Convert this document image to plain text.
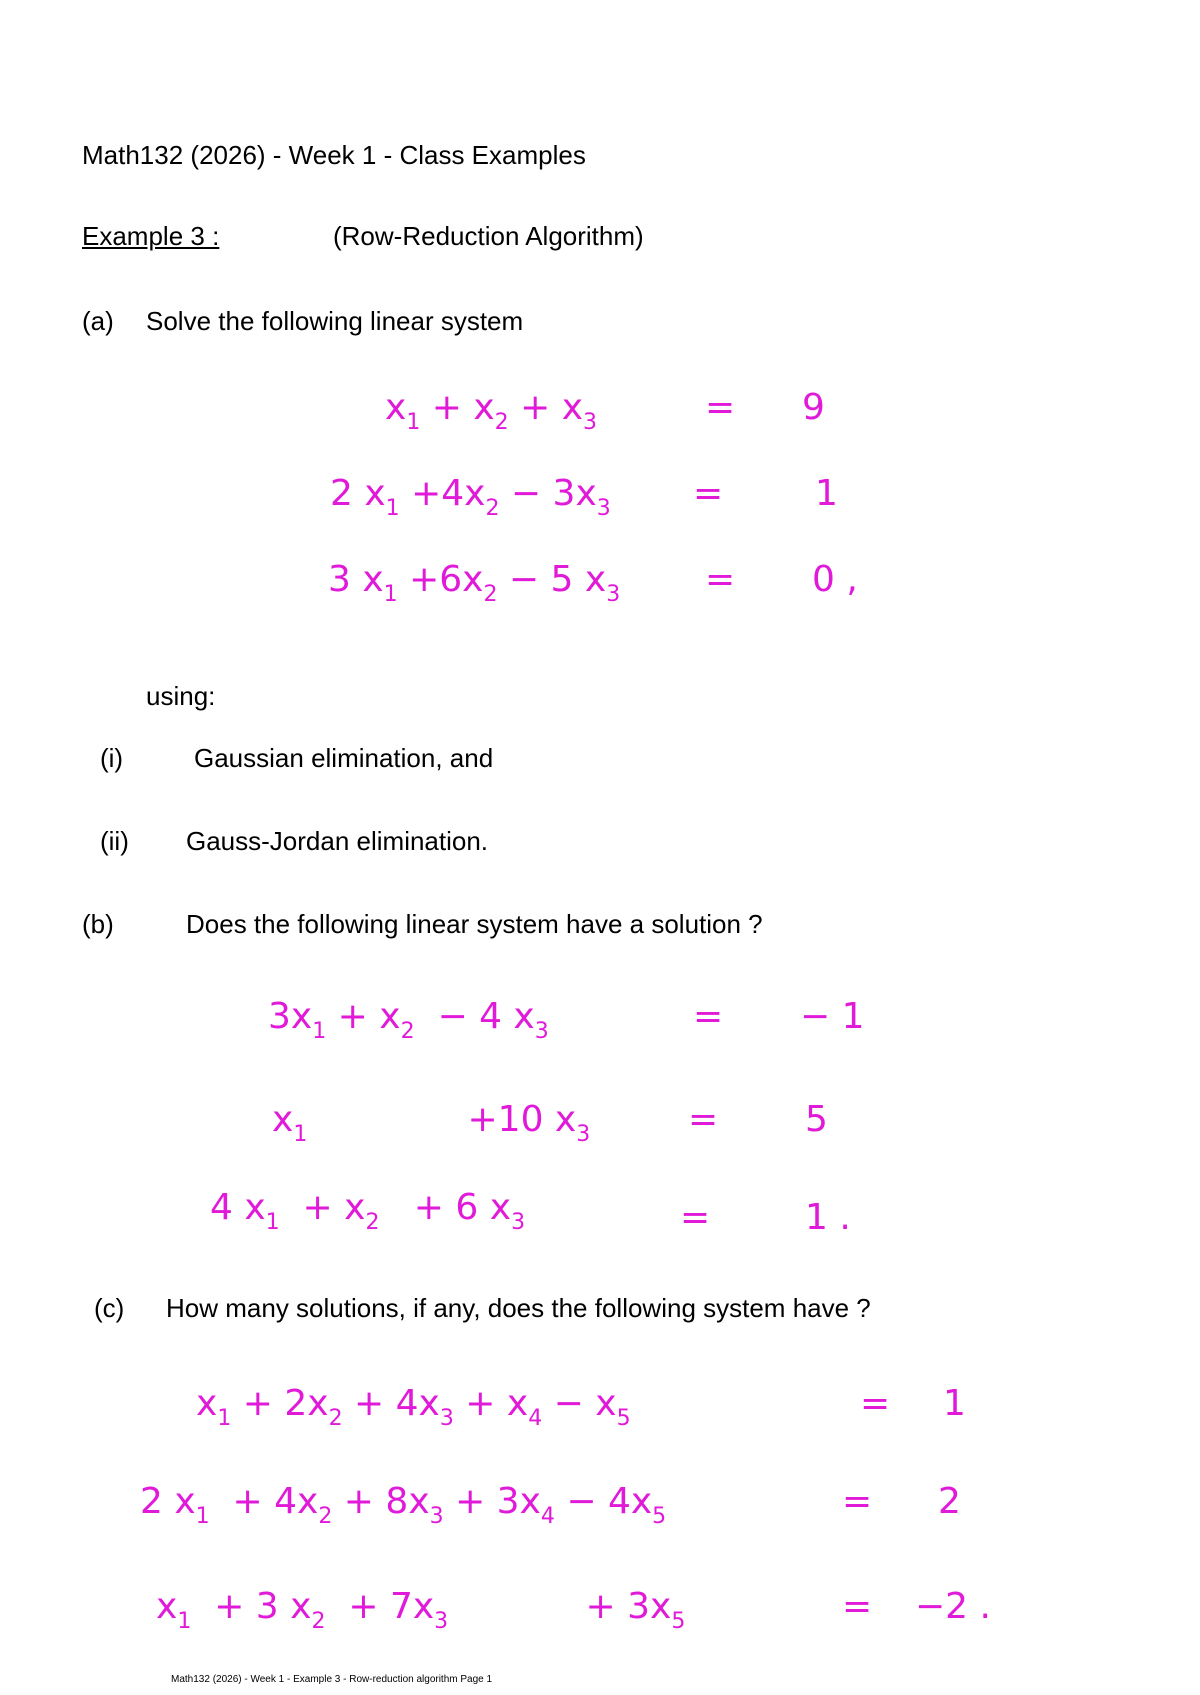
Math132 (2026) - Week 1 - Class Examples
Example 3 :	(Row-Reduction Algorithm)
(a) Solve the following linear system
$x_1 + x_2 + x_3$	= 9
2 $x_1 +4x_2 - 3x_3$ =	1
3 $x_1 +6x_2 - 5$ $x_3 = 0$ ,
using:
(i)	Gaussian elimination, and
(ii) Gauss-Jordan elimination.
(b)	Does the following linear system have a solution ?
$3x_1 + x_2 - 4$ $x_3$	= − 1
$x_1$              +10 $x_3$	= 5
4 $x_1 + x_2 + 6$ $x_3$	=	1 .
(c) How many solutions, if any, does the following system have ?
$x_1 + 2x_2 + 4x_3 + x_4 - x_5$	= 1
2 $x_1 + 4x_2 + 8x_3 + 3x_4 - 4x_5$	= 2
$x_1 + 3$ $x_2 + 7x_3$            + $3x_5$	= −2 .
Math132 (2026) - Week 1 - Example 3 - Row-reduction algorithm Page 1
